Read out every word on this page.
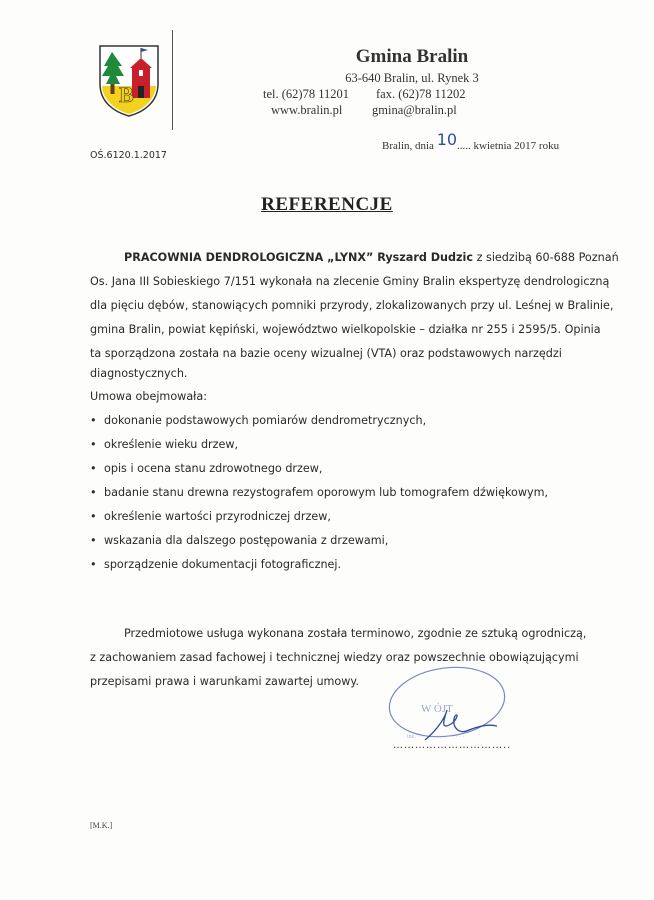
B
Gmina Bralin
63-640 Bralin, ul. Rynek 3
tel. (62)78 11201 fax. (62)78 11202
www.bralin.pl gmina@bralin.pl
Bralin, dnia 10..... kwietnia 2017 roku
OŚ.6120.1.2017
REFERENCJE
PRACOWNIA DENDROLOGICZNA „LYNX” Ryszard Dudzic z siedzibą 60-688 Poznań
Os. Jana III Sobieskiego 7/151 wykonała na zlecenie Gminy Bralin ekspertyzę dendrologiczną
dla pięciu dębów, stanowiących pomniki przyrody, zlokalizowanych przy ul. Leśnej w Bralinie,
gmina Bralin, powiat kępiński, województwo wielkopolskie – działka nr 255 i 2595/5. Opinia
ta sporządzona została na bazie oceny wizualnej (VTA) oraz podstawowych narzędzi
diagnostycznych.
Umowa obejmowała:
• dokonanie podstawowych pomiarów dendrometrycznych,
• określenie wieku drzew,
• opis i ocena stanu zdrowotnego drzew,
• badanie stanu drewna rezystografem oporowym lub tomografem dźwiękowym,
• określenie wartości przyrodniczej drzew,
• wskazania dla dalszego postępowania z drzewami,
• sporządzenie dokumentacji fotograficznej.
Przedmiotowe usługa wykonana została terminowo, zgodnie ze sztuką ogrodniczą,
z zachowaniem zasad fachowej i technicznej wiedzy oraz powszechnie obowiązującymi
przepisami prawa i warunkami zawartej umowy.
W ÓJT
inż. · · · · · · · · · · · · · ·
…………………………..
[M.K.]
